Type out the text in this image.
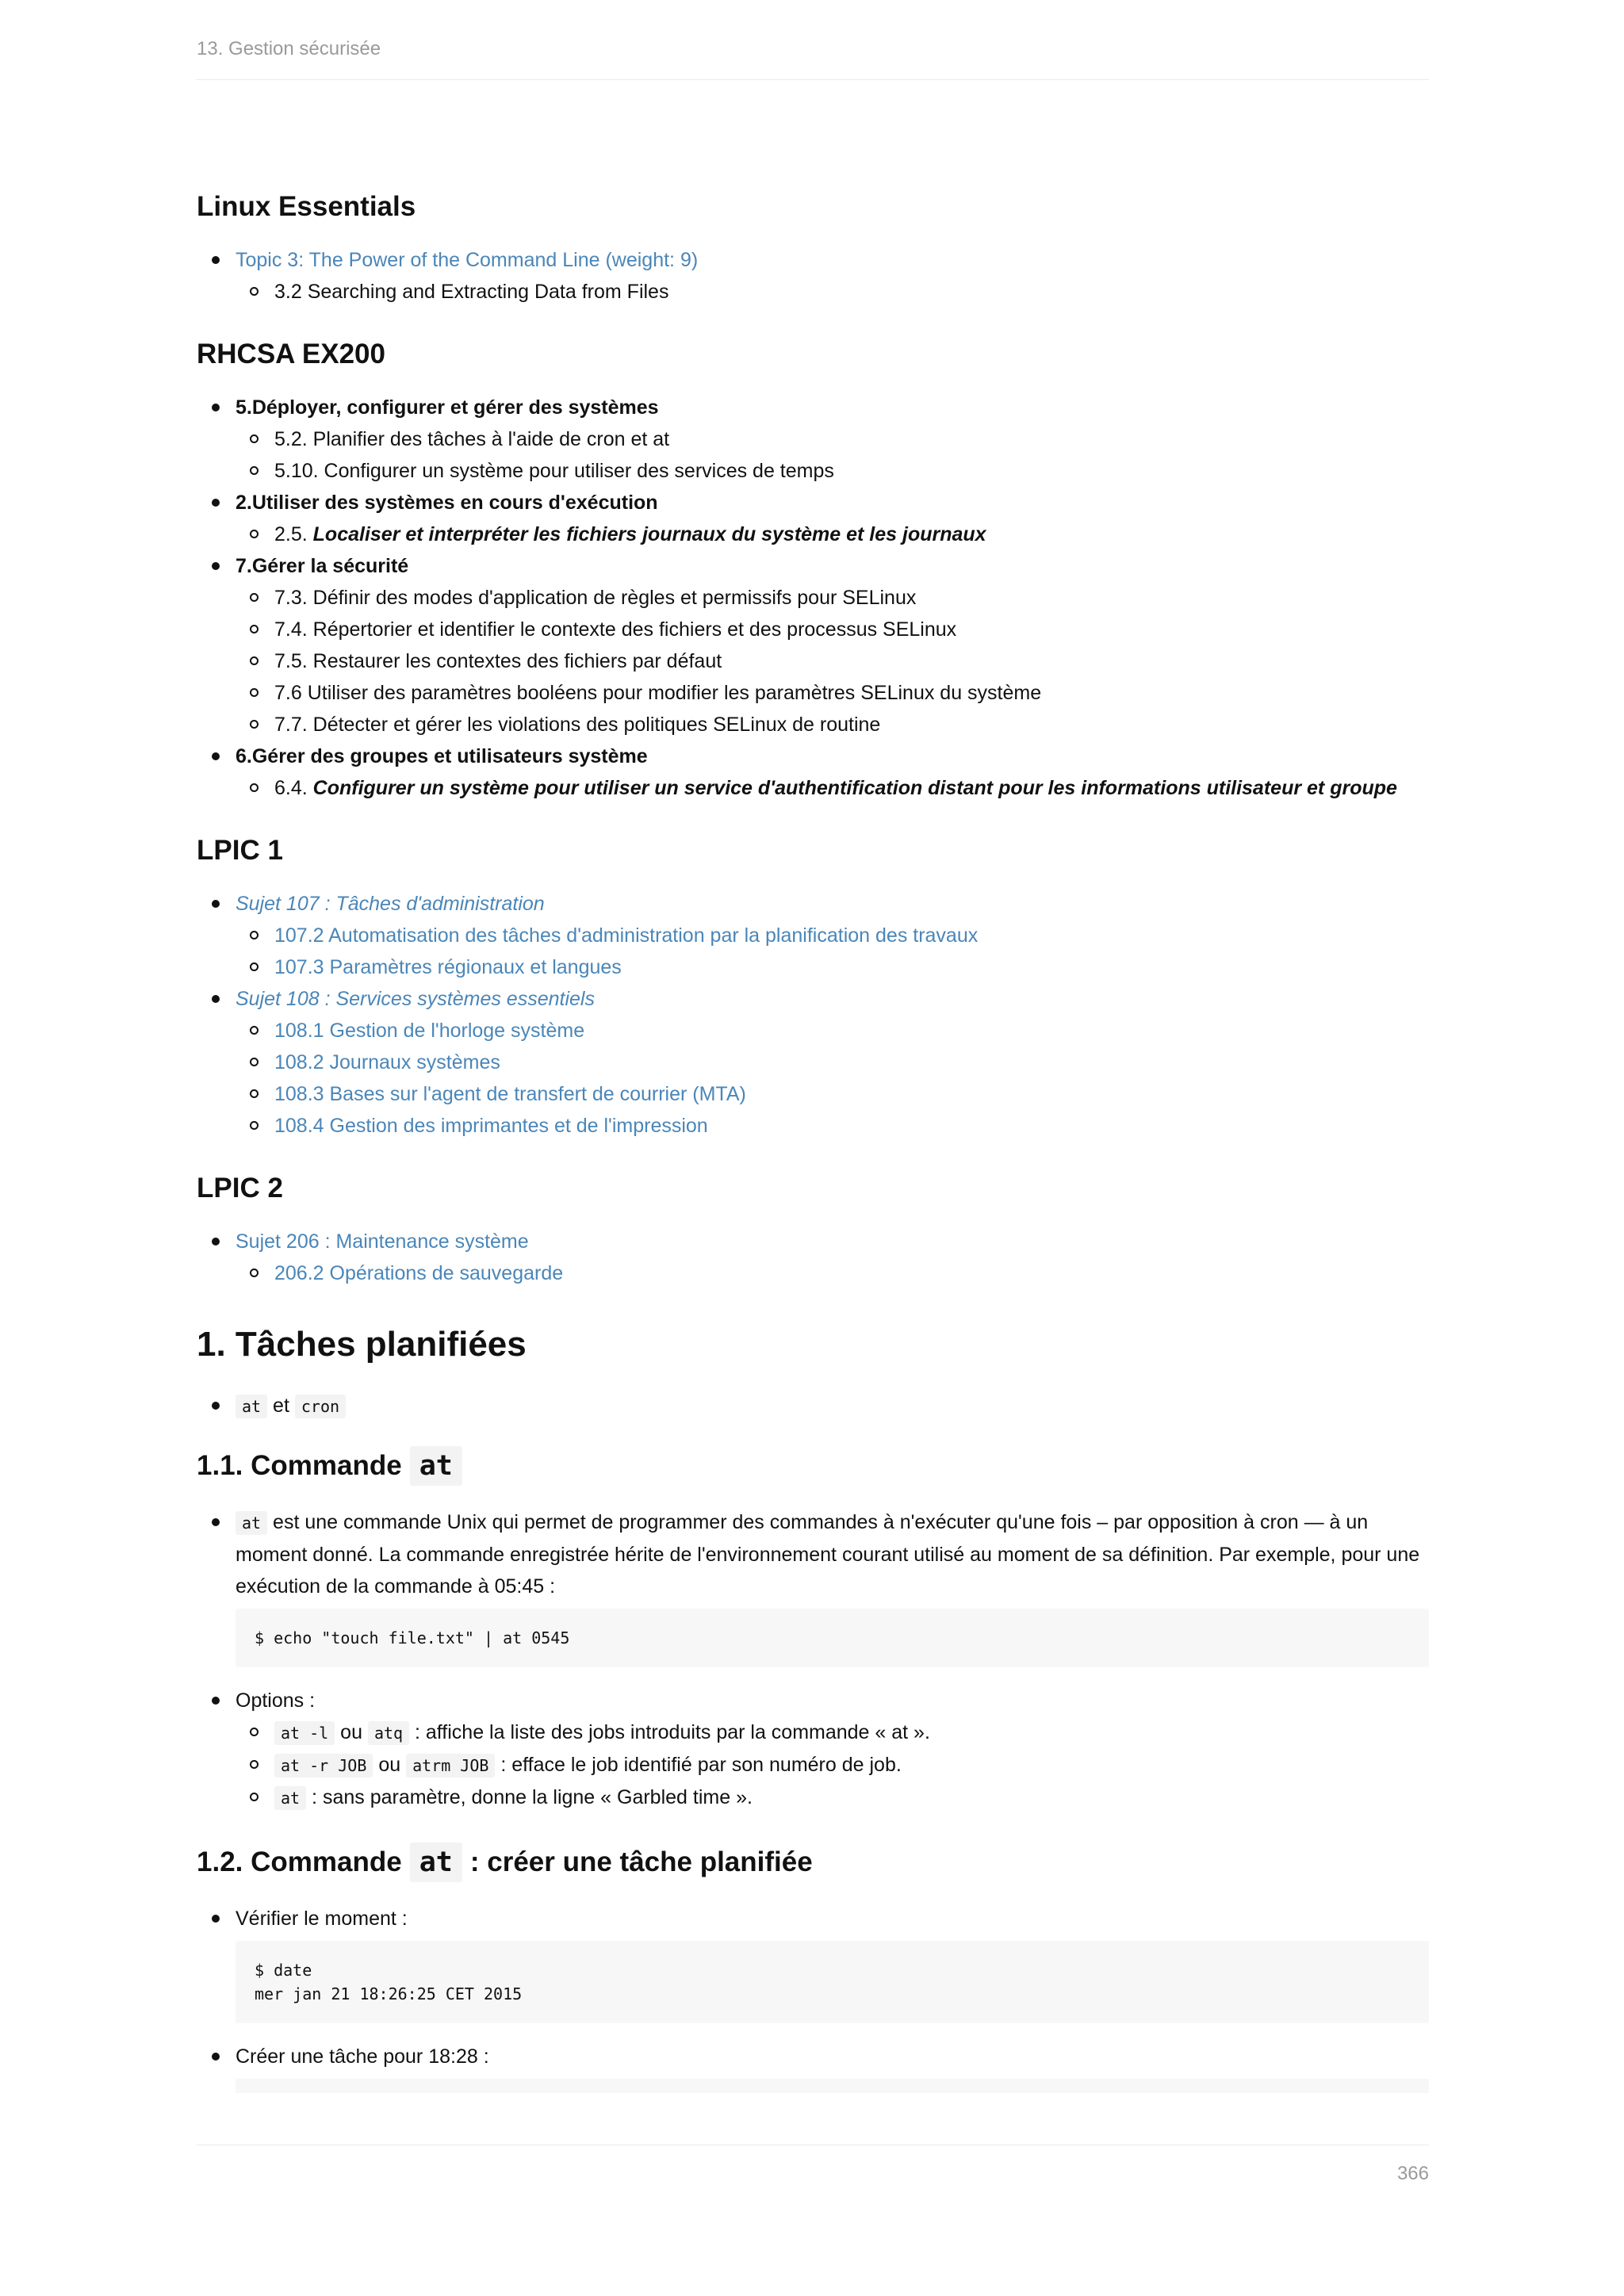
13. Gestion sécurisée
Linux Essentials
Topic 3: The Power of the Command Line (weight: 9)
3.2 Searching and Extracting Data from Files
RHCSA EX200
5.Déployer, configurer et gérer des systèmes
5.2. Planifier des tâches à l'aide de cron et at
5.10. Configurer un système pour utiliser des services de temps
2.Utiliser des systèmes en cours d'exécution
2.5. Localiser et interpréter les fichiers journaux du système et les journaux
7.Gérer la sécurité
7.3. Définir des modes d'application de règles et permissifs pour SELinux
7.4. Répertorier et identifier le contexte des fichiers et des processus SELinux
7.5. Restaurer les contextes des fichiers par défaut
7.6 Utiliser des paramètres booléens pour modifier les paramètres SELinux du système
7.7. Détecter et gérer les violations des politiques SELinux de routine
6.Gérer des groupes et utilisateurs système
6.4. Configurer un système pour utiliser un service d'authentification distant pour les informations utilisateur et groupe
LPIC 1
Sujet 107 : Tâches d'administration
107.2 Automatisation des tâches d'administration par la planification des travaux
107.3 Paramètres régionaux et langues
Sujet 108 : Services systèmes essentiels
108.1 Gestion de l'horloge système
108.2 Journaux systèmes
108.3 Bases sur l'agent de transfert de courrier (MTA)
108.4 Gestion des imprimantes et de l'impression
LPIC 2
Sujet 206 : Maintenance système
206.2 Opérations de sauvegarde
1. Tâches planifiées
at et cron
1.1. Commande at
at est une commande Unix qui permet de programmer des commandes à n'exécuter qu'une fois – par opposition à cron — à un moment donné. La commande enregistrée hérite de l'environnement courant utilisé au moment de sa définition. Par exemple, pour une exécution de la commande à 05:45 :
$ echo "touch file.txt" | at 0545
Options :
at -l ou atq : affiche la liste des jobs introduits par la commande « at ».
at -r JOB ou atrm JOB : efface le job identifié par son numéro de job.
at : sans paramètre, donne la ligne « Garbled time ».
1.2. Commande at : créer une tâche planifiée
Vérifier le moment :
$ date
mer jan 21 18:26:25 CET 2015
Créer une tâche pour 18:28 :
366
